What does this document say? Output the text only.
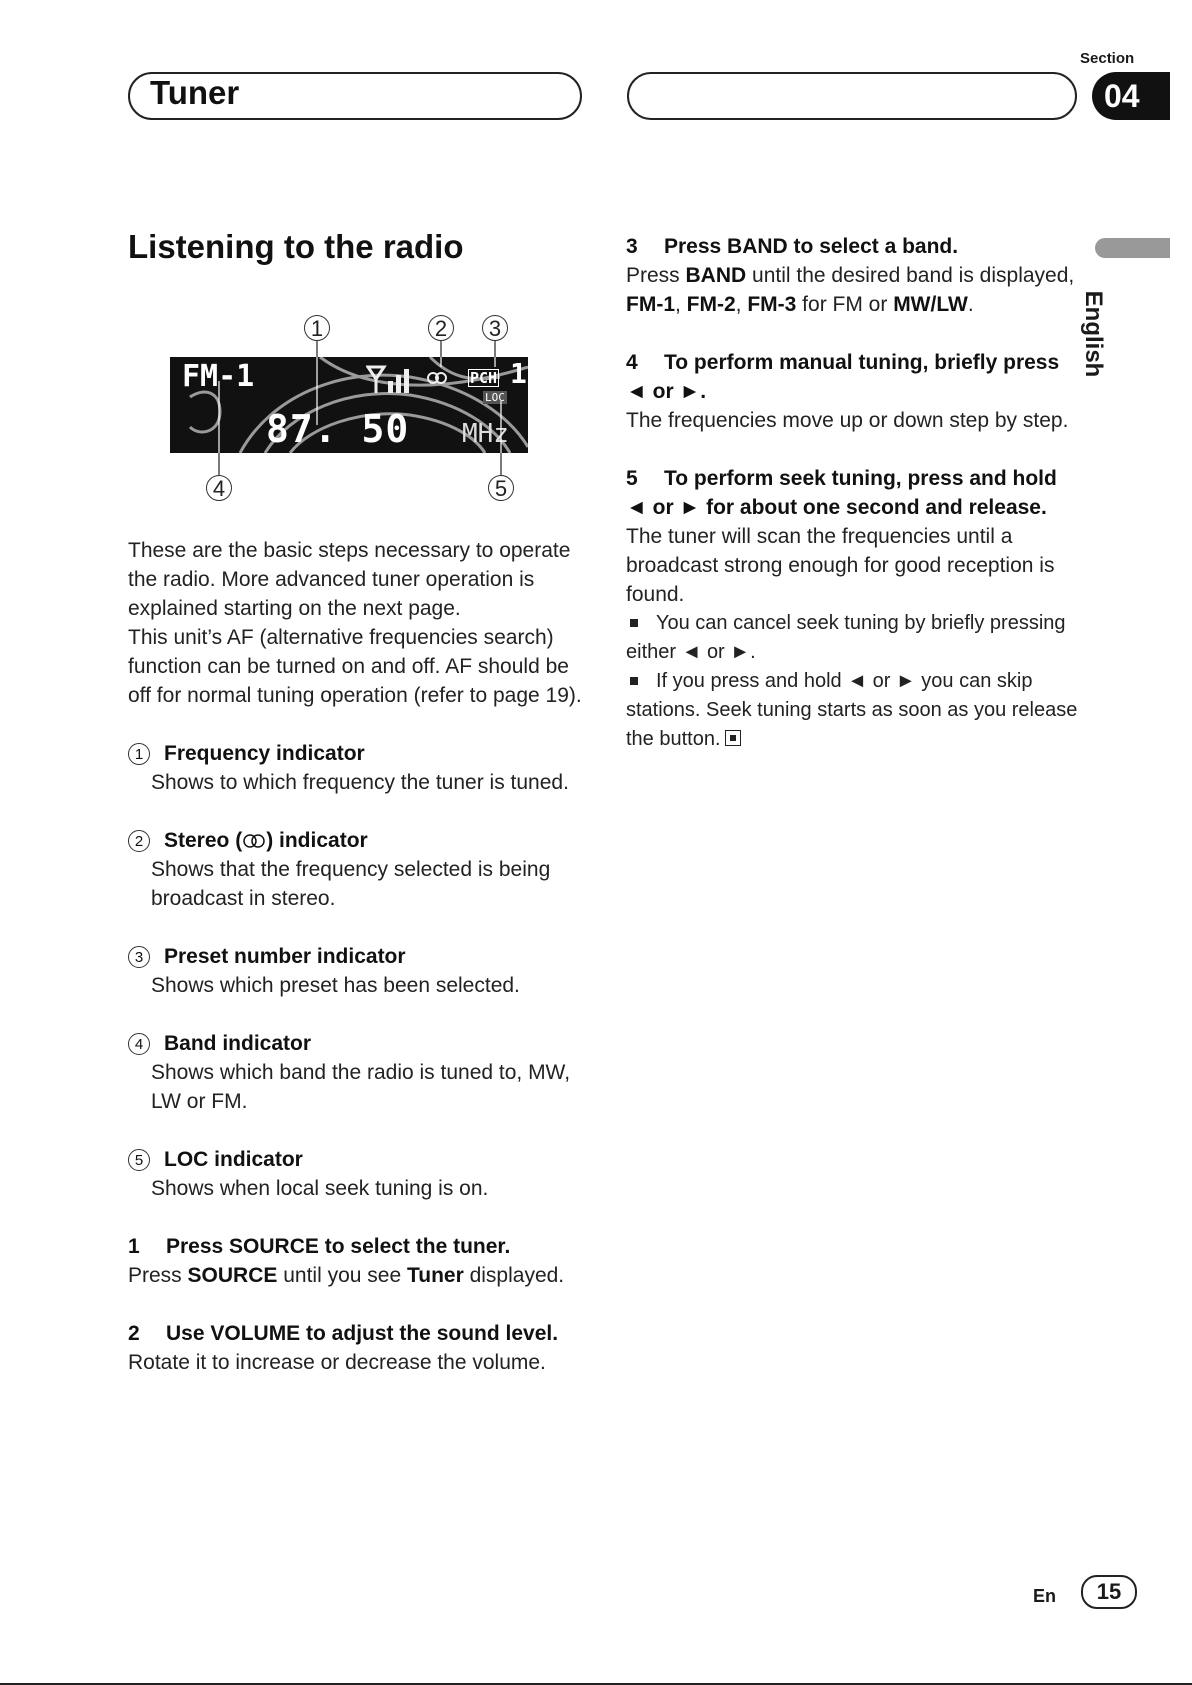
Tuner
Section
04
English
Listening to the radio
1	2	3
4	5
FM-1	PCH 1
LOC
87. 50 MHz

These are the basic steps necessary to operate the radio. More advanced tuner operation is explained starting on the next page.

This unit’s AF (alternative frequencies search) function can be turned on and off. AF should be off for normal tuning operation (refer to page 19).

1 Frequency indicator

Shows to which frequency the tuner is tuned.

2 Stereo ( ) indicator

Shows that the frequency selected is being broadcast in stereo.

3 Preset number indicator

Shows which preset has been selected.

4 Band indicator

Shows which band the radio is tuned to, MW, LW or FM.

5 LOC indicator

Shows when local seek tuning is on.

1 Press SOURCE to select the tuner.

Press SOURCE until you see Tuner displayed.

2 Use VOLUME to adjust the sound level.

Rotate it to increase or decrease the volume.

3 Press BAND to select a band.

Press BAND until the desired band is displayed, FM-1, FM-2, FM-3 for FM or MW/LW.

4 To perform manual tuning, briefly press

◄ or ►.

The frequencies move up or down step by step.

5 To perform seek tuning, press and hold

◄ or ► for about one second and release.

The tuner will scan the frequencies until a broadcast strong enough for good reception is found.

You can cancel seek tuning by briefly pressing either ◄ or ►.

If you press and hold ◄ or ► you can skip stations. Seek tuning starts as soon as you release the button.

En	15
